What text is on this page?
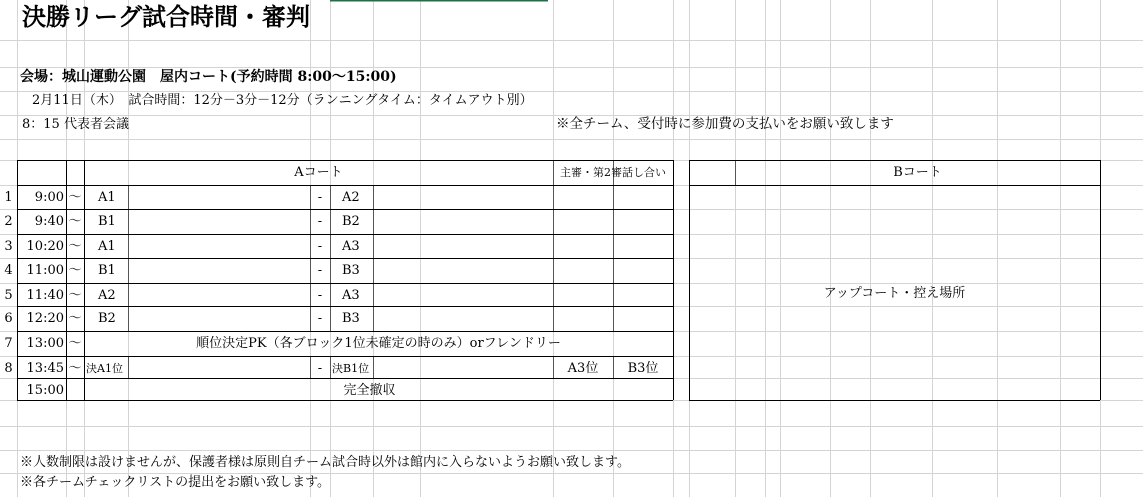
決勝リーグ試合時間・審判
会場：城山運動公園　屋内コート(予約時間 8:00～15:00)
2月11日（木）　試合時間：12分－3分－12分（ランニングタイム：タイムアウト別）
8：15 代表者会議	※全チーム、受付時に参加費の支払いをお願い致します
※人数制限は設けませんが、保護者様は原則自チーム試合時以外は館内に入らないようお願い致します。
※各チームチェックリストの提出をお願い致します。
Aコート	主審・第2審話し合い	Bコート
アップコート・控え場所
1	9:00 ～ A1	-	A2
2	9:40 ～ B1	-	B2
3	10:20 ～ A1	-	A3
4	11:00 ～ B1	-	B3
5	11:40 ～ A2	-	A3
6	12:20 ～ B2	-	B3
7	13:00 ～	順位決定PK（各ブロック1位未確定の時のみ）orフレンドリー
8	13:45 ～ 決A1位	- 決B1位	A3位	B3位
15:00	完全撤収
